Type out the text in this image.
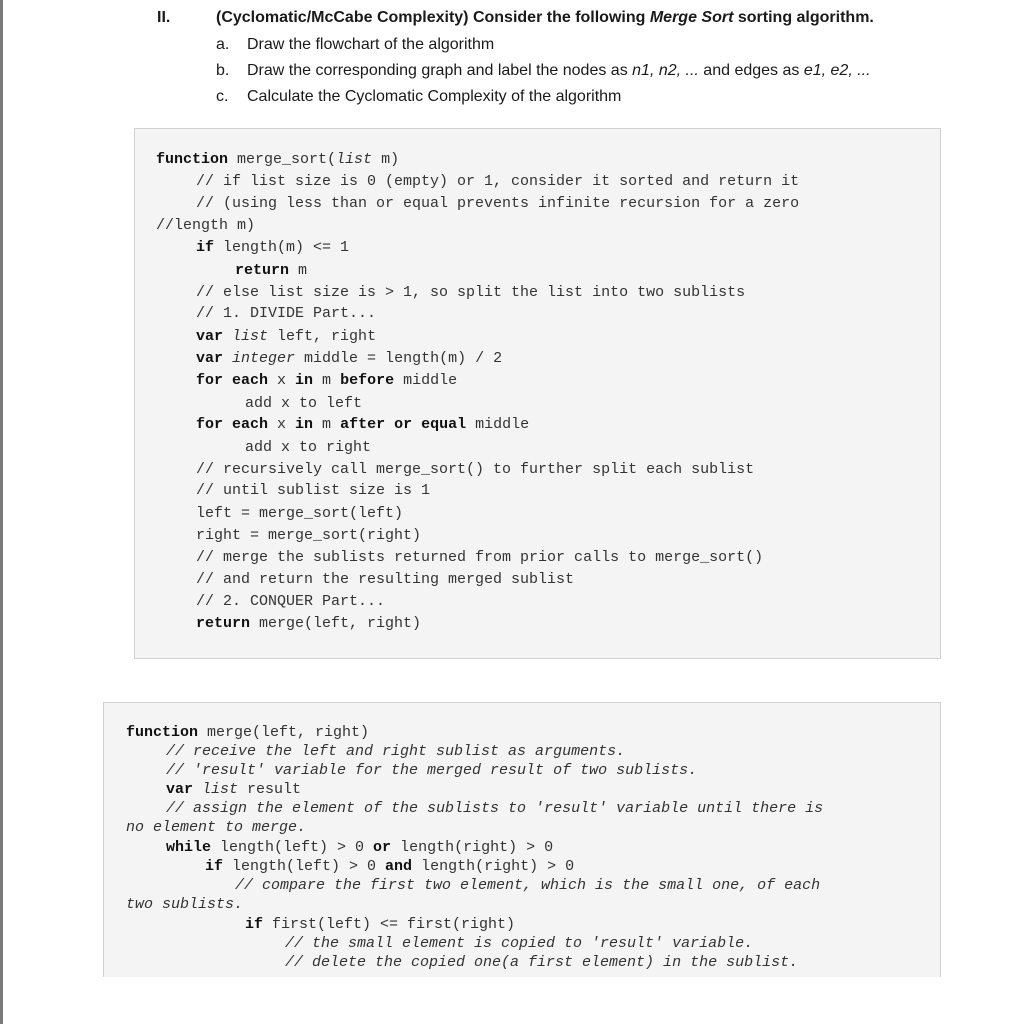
II.	(Cyclomatic/McCabe Complexity) Consider the following Merge Sort sorting algorithm.
a. Draw the flowchart of the algorithm
b. Draw the corresponding graph and label the nodes as n1, n2, ... and edges as e1, e2, ...
c. Calculate the Cyclomatic Complexity of the algorithm
function merge_sort(list m)
// if list size is 0 (empty) or 1, consider it sorted and return it
// (using less than or equal prevents infinite recursion for a zero
//length m)
if length(m) <= 1
return m
// else list size is > 1, so split the list into two sublists
// 1. DIVIDE Part...
var list left, right
var integer middle = length(m) / 2
for each x in m before middle
add x to left
for each x in m after or equal middle
add x to right
// recursively call merge_sort() to further split each sublist
// until sublist size is 1
left = merge_sort(left)
right = merge_sort(right)
// merge the sublists returned from prior calls to merge_sort()
// and return the resulting merged sublist
// 2. CONQUER Part...
return merge(left, right)
function merge(left, right)
// receive the left and right sublist as arguments.
// 'result' variable for the merged result of two sublists.
var list result
// assign the element of the sublists to 'result' variable until there is
no element to merge.
while length(left) > 0 or length(right) > 0
if length(left) > 0 and length(right) > 0
// compare the first two element, which is the small one, of each
two sublists.
if first(left) <= first(right)
// the small element is copied to 'result' variable.
// delete the copied one(a first element) in the sublist.
